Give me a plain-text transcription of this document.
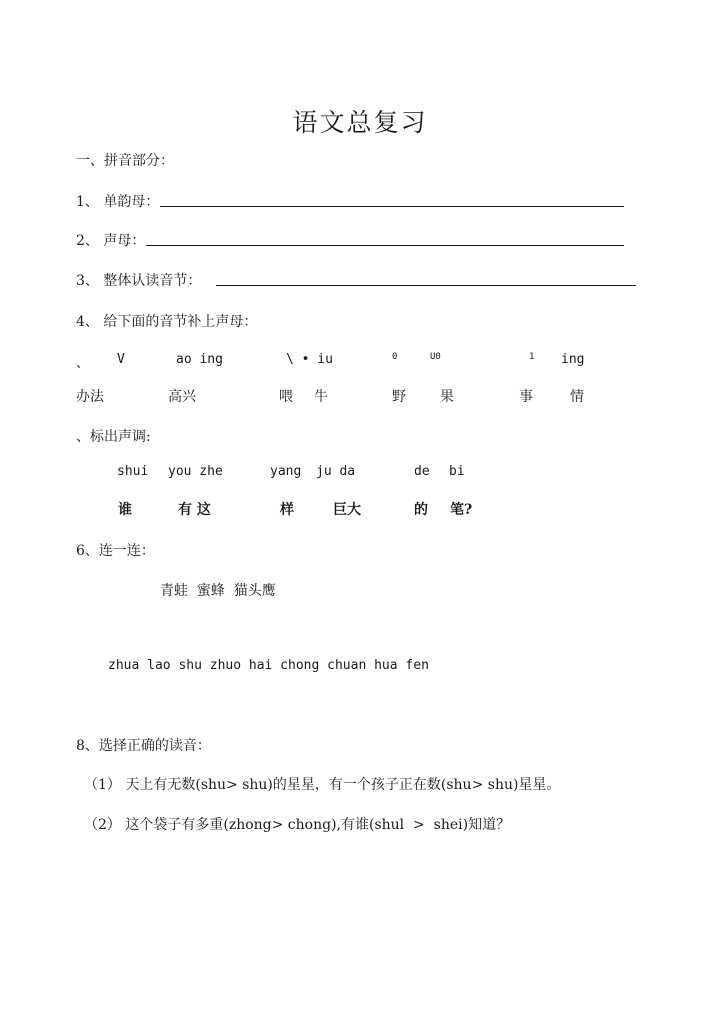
语文总复习
一、拼音部分：
1、 单韵母：
2、 声母：
3、 整体认读音节：
4、 给下面的音节补上声母：
、 V	ao ing	\ • iu	0	U0	1 ing
办法	高兴	喂 牛	野 果	事	情
、标出声调:
shui you zhe	yang ju da	de bi
谁	有 这	样	巨大	的 笔?
6、连一连：
青蛙  蜜蜂  猫头鹰
zhua lao shu zhuo hai chong chuan hua fen
8、选择正确的读音：
（1） 天上有无数(shu> shu)的星星，有一个孩子正在数(shu> shu)星星。
（2） 这个袋子有多重(zhong> chong),有谁(shul  >  shei)知道？
